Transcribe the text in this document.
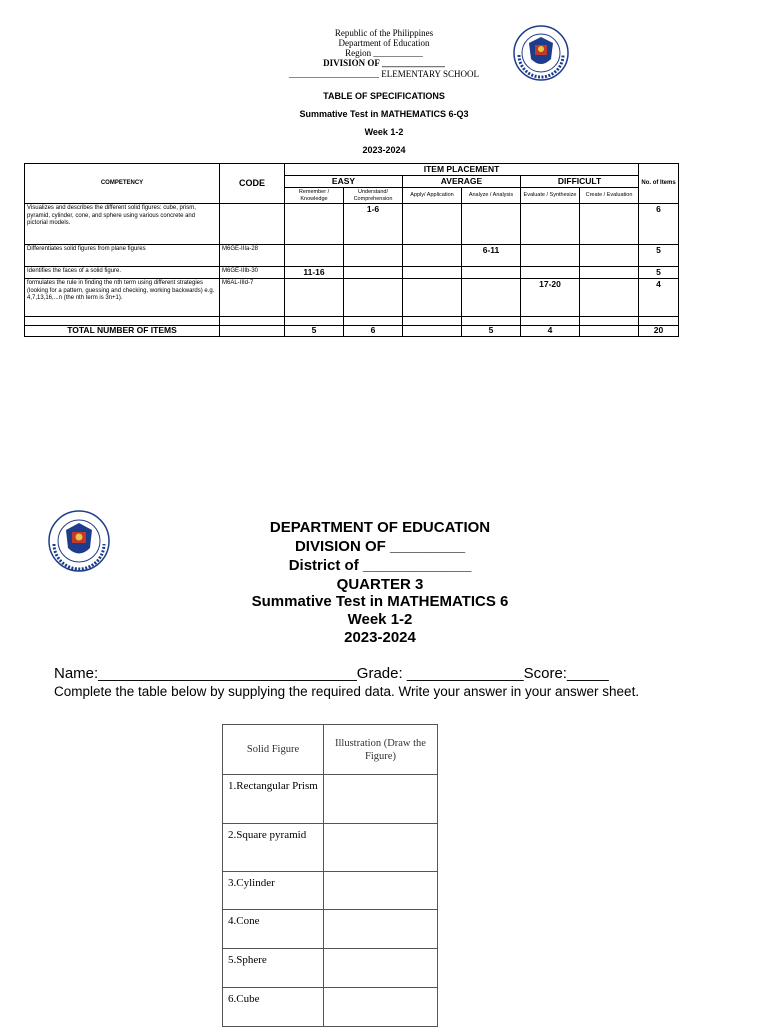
Republic of the Philippines
Department of Education
Region ___________
DIVISION OF ______________
____________________ ELEMENTARY SCHOOL
TABLE OF SPECIFICATIONS
Summative Test in MATHEMATICS 6-Q3
Week 1-2
2023-2024
COMPETENCY	CODE	ITEM PLACEMENT						No. of Items
		EASY		AVERAGE		DIFFICULT		
		Remember / Knowledge	Understand/ Comprehension	Apply/ Application	Analyze / Analysis	Evaluate / Synthesize	Create / Evaluation	
Visualizes and describes the different solid figures: cube, prism, pyramid, cylinder, cone, and sphere using various concrete and pictorial models.			1-6					6
Differentiates solid figures from plane figures	M6GE-IIIa-28				6-11			5
Identifies the faces of a solid figure.	M6GE-IIIb-30	11-16						5
formulates the rule in finding the nth term using different strategies (looking for a pattern, guessing and checking, working backwards) e.g. 4,7,13,16,...n (the nth term is 3n+1).	M6AL-IIId-7					17-20		4

TOTAL NUMBER OF ITEMS		5	6		5	4		20
DEPARTMENT OF EDUCATION
DIVISION OF _________
District of _____________
QUARTER 3
Summative Test in MATHEMATICS 6
Week 1-2
2023-2024
Name:_______________________________Grade: ______________Score:_____
Complete the table below by supplying the required data. Write your answer in your answer sheet.
Solid Figure	Illustration (Draw the Figure)
1.Rectangular Prism	
2.Square pyramid	
3.Cylinder	
4.Cone	
5.Sphere	
6.Cube	
